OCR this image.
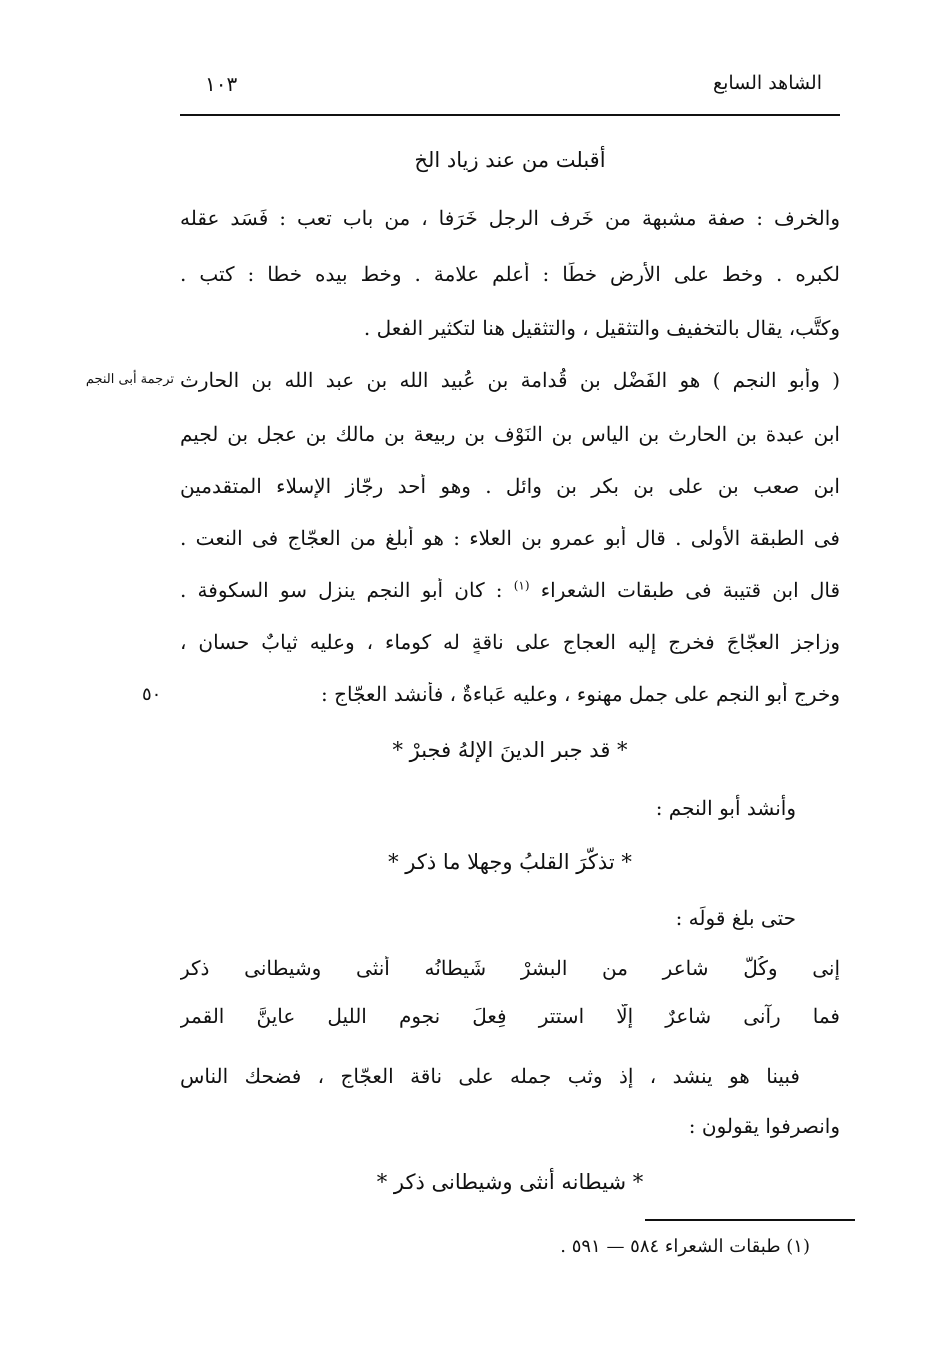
الشاهد السابع
١٠٣
أقبلت من عند زياد الخ
والخرف : صفة مشبهة من خَرِف الرجل خَرَفا ، من باب تعب : فَسَد عقله
لكبره . وخط على الأرض خطًا : أعلم علامة . وخط بيده خطا : كتب .
وكتَّب، يقال بالتخفيف والتثقيل ، والتثقيل هنا لتكثير الفعل .
ترجمة أبى النجم ( وأبو النجم ) هو الفَضْل بن قُدامة بن عُبيد الله بن عبد الله بن الحارث
ابن عبدة بن الحارث بن الياس بن النَوْف بن ربيعة بن مالك بن عجل بن لجيم
ابن صعب بن على بن بكر بن وائل . وهو أحد رجّاز الإسلاء المتقدمين
فى الطبقة الأولى . قال أبو عمرو بن العلاء : هو أبلغ من العجّاج فى النعت .
قال ابن قتيبة فى طبقات الشعراء $^{(١)}$ : كان أبو النجم ينزل سو السكوفة .
وزاجز العجّاجَ فخرج إليه العجاج على ناقةٍ له كوماء ، وعليه ثيابٌ حسان ،
وخرج أبو النجم على جمل مهنوء ، وعليه عَباءةٌ ، فأنشد العجّاج :
٥٠
* قد جبر الدينَ الإلهُ فجبرْ *
وأنشد أبو النجم :
* تذكّرَ القلبُ وجهلا ما ذكر *
حتى بلغ قولَه :
إنى وكُلٌّ شاعر من البشرْ شَيطانُه أنثى وشيطانى ذكر
فما رآنى شاعرٌ إلّا استتر فِعلَ نجوم الليل عاينَّ القمر
فبينا هو ينشد ، إذ وثب جمله على ناقة العجّاج ، فضحك الناس
وانصرفوا يقولون :
* شيطانه أنثى وشيطانى ذكر *
(١) طبقات الشعراء ٥٨٤ — ٥٩١ .
